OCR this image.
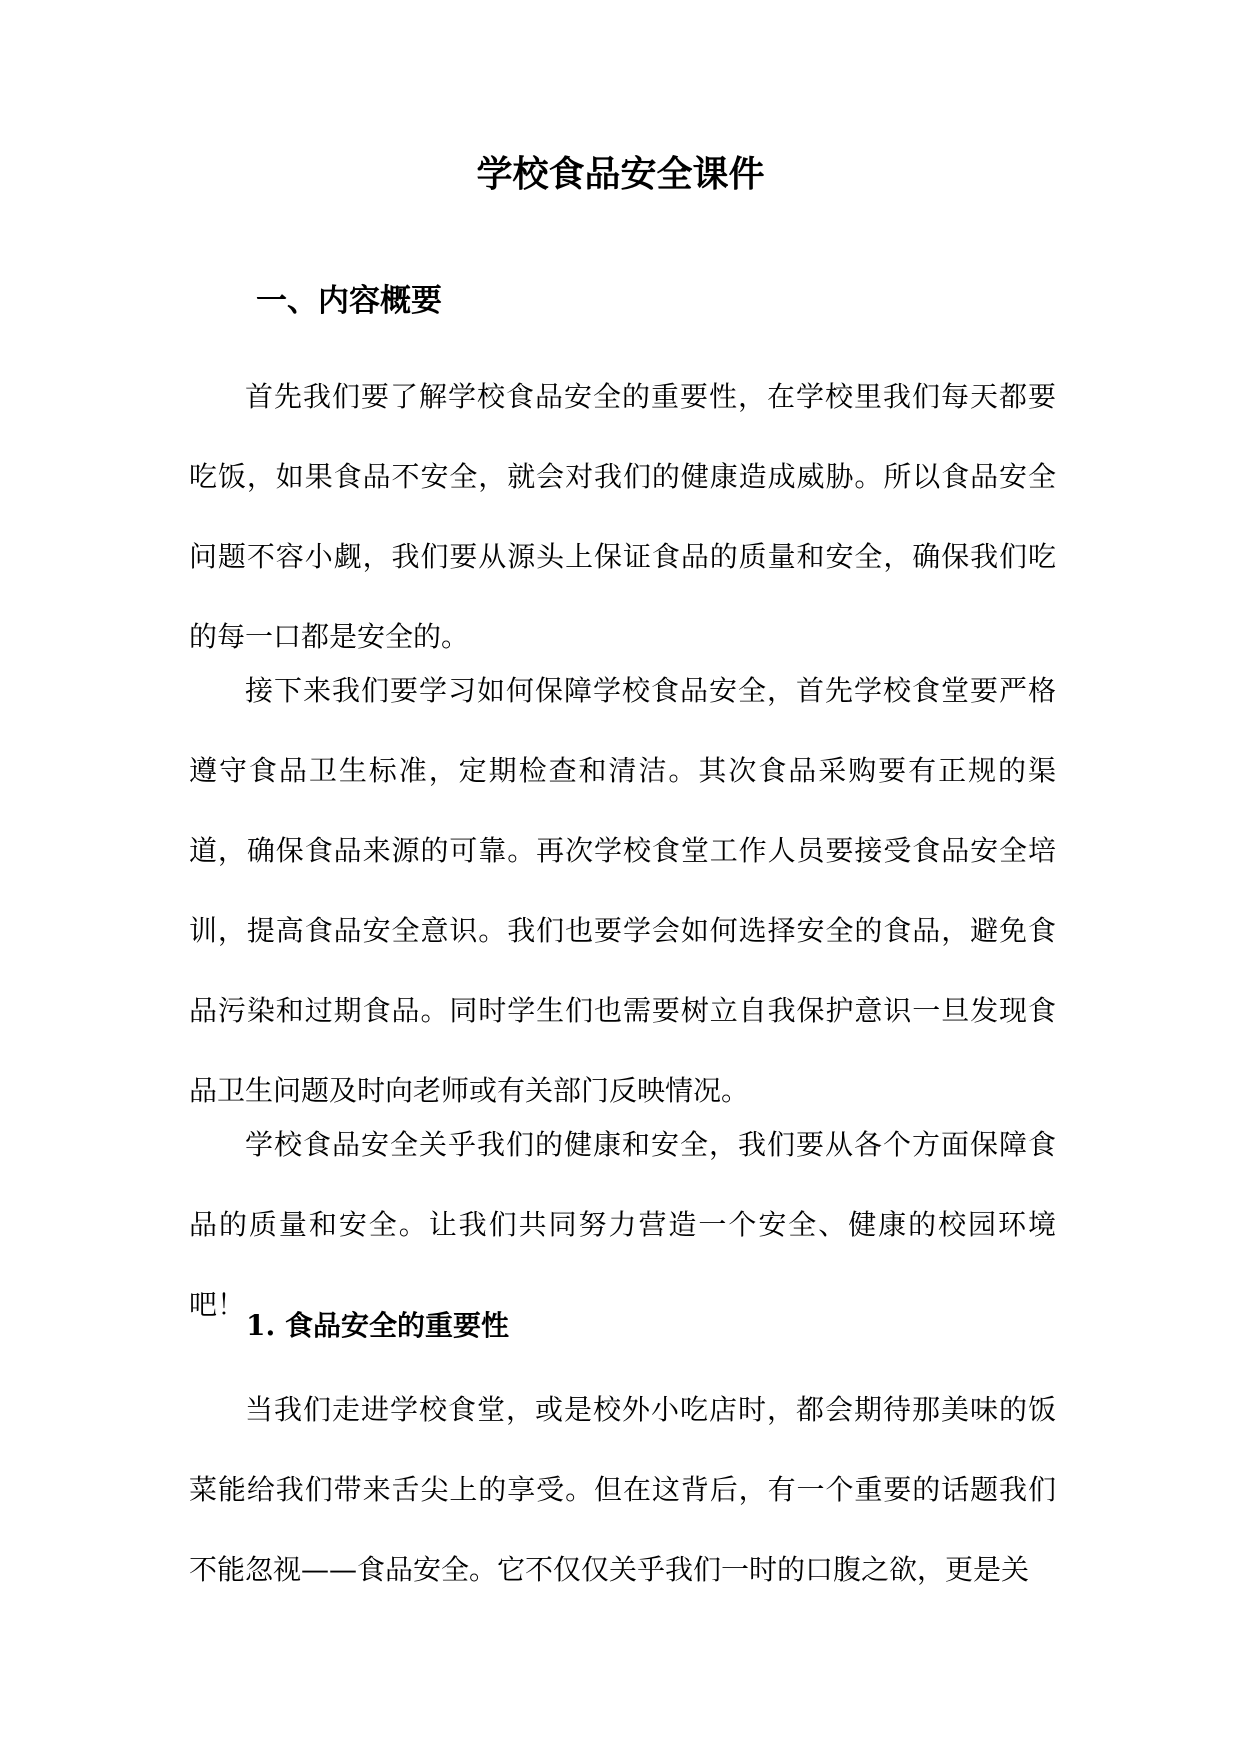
学校食品安全课件
一、内容概要

首先我们要了解学校食品安全的重要性，在学校里我们每天都要吃饭，如果食品不安全，就会对我们的健康造成威胁。所以食品安全问题不容小觑，我们要从源头上保证食品的质量和安全，确保我们吃的每一口都是安全的。

接下来我们要学习如何保障学校食品安全，首先学校食堂要严格遵守食品卫生标准，定期检查和清洁。其次食品采购要有正规的渠道，确保食品来源的可靠。再次学校食堂工作人员要接受食品安全培训，提高食品安全意识。我们也要学会如何选择安全的食品，避免食品污染和过期食品。同时学生们也需要树立自我保护意识一旦发现食品卫生问题及时向老师或有关部门反映情况。

学校食品安全关乎我们的健康和安全，我们要从各个方面保障食品的质量和安全。让我们共同努力营造一个安全、健康的校园环境吧！

1. 食品安全的重要性

当我们走进学校食堂，或是校外小吃店时，都会期待那美味的饭菜能给我们带来舌尖上的享受。但在这背后，有一个重要的话题我们不能忽视——食品安全。它不仅仅关乎我们一时的口腹之欲，更是关
